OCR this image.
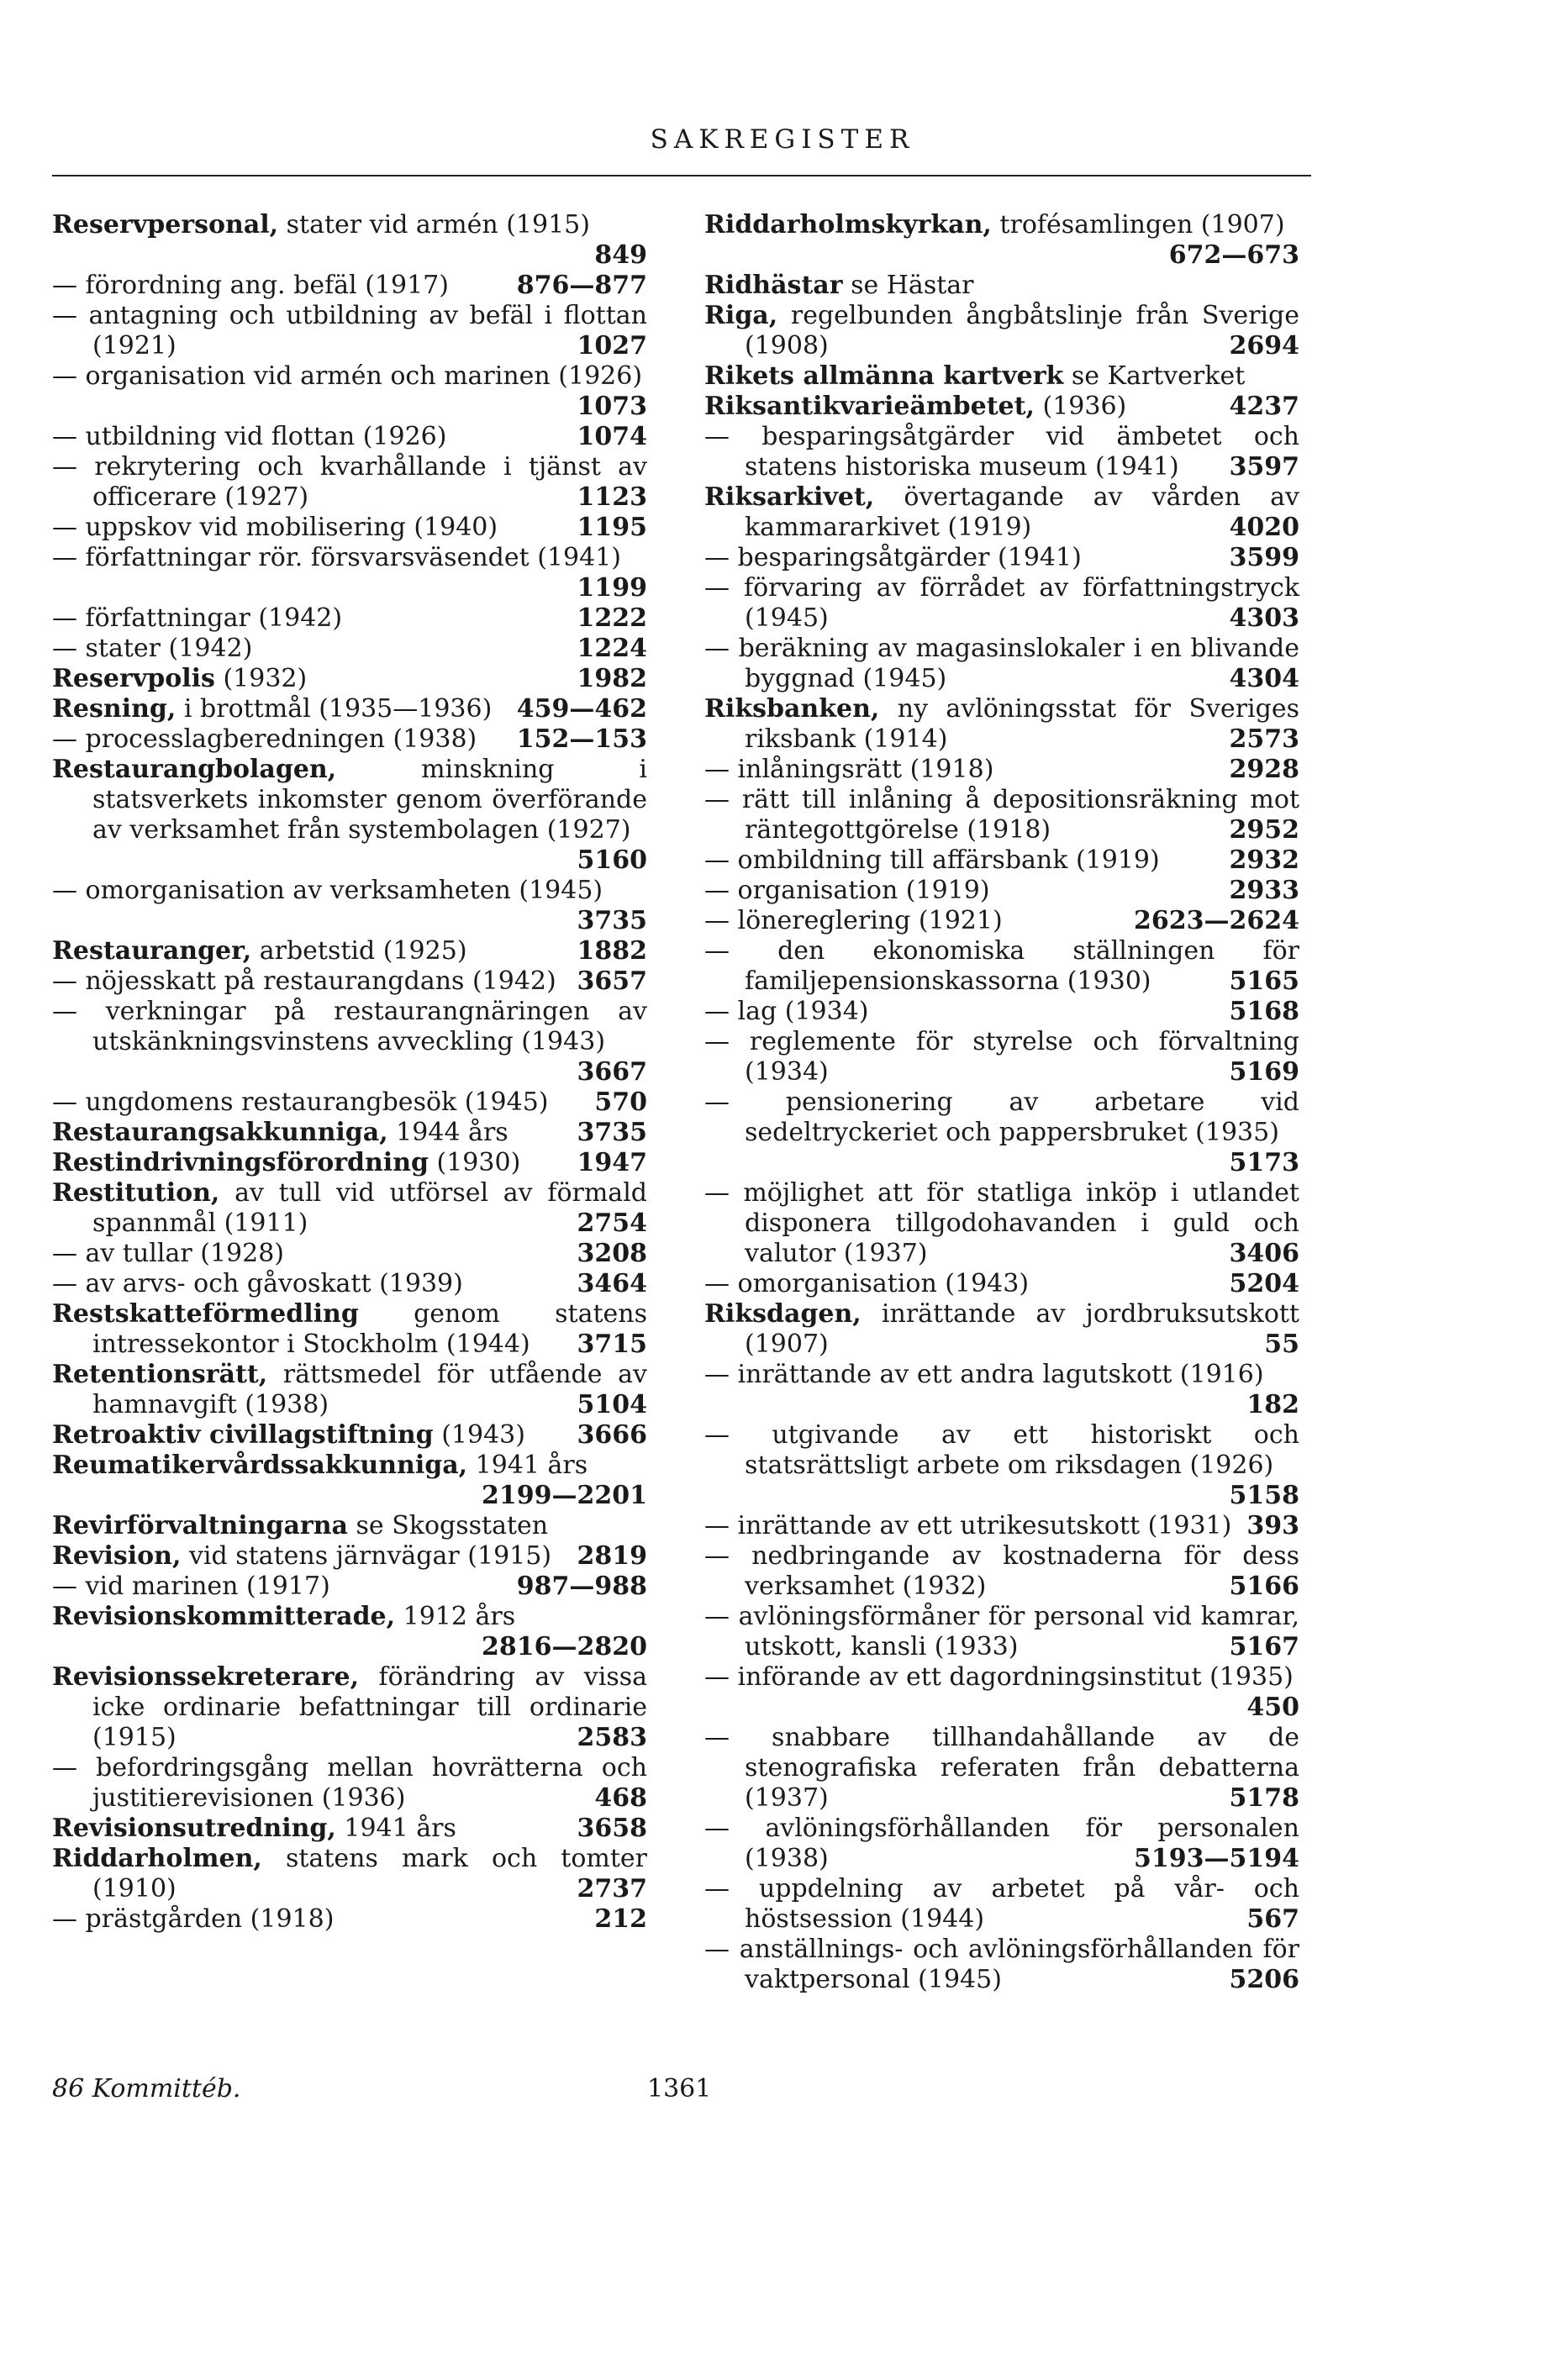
SAKREGISTER
Reservpersonal, stater vid armén (1915)
849
— förordning ang. befäl (1917)	876—877
— antagning och utbildning av befäl i flottan (1921)	1027
— organisation vid armén och marinen (1926)
1073
— utbildning vid flottan (1926)	1074
— rekrytering och kvarhållande i tjänst av officerare (1927)	1123
— uppskov vid mobilisering (1940)	1195
— författningar rör. försvarsväsendet (1941)
1199
— författningar (1942)	1222
— stater (1942)	1224
Reservpolis (1932)	1982
Resning, i brottmål (1935—1936) 459—462
— processlagberedningen (1938) 152—153
Restaurangbolagen, minskning i statsverkets inkomster genom överförande av verksamhet från systembolagen (1927)
5160
— omorganisation av verksamheten (1945)
3735
Restauranger, arbetstid (1925)	1882
— nöjesskatt på restaurangdans (1942) 3657
— verkningar på restaurangnäringen av utskänkningsvinstens avveckling (1943)
3667
— ungdomens restaurangbesök (1945) 570
Restaurangsakkunniga, 1944 års	3735
Restindrivningsförordning (1930) 1947
Restitution, av tull vid utförsel av förmald spannmål (1911)	2754
— av tullar (1928)	3208
— av arvs- och gåvoskatt (1939)	3464
Restskatteförmedling genom statens intressekontor i Stockholm (1944) 3715
Retentionsrätt, rättsmedel för utfående av hamnavgift (1938)	5104
Retroaktiv civillagstiftning (1943) 3666
Reumatikervårdssakkunniga, 1941 års
2199—2201
Revirförvaltningarna se Skogsstaten
Revision, vid statens järnvägar (1915) 2819
— vid marinen (1917)	987—988
Revisionskommitterade, 1912 års
2816—2820
Revisionssekreterare, förändring av vissa icke ordinarie befattningar till ordinarie (1915)	2583
— befordringsgång mellan hovrätterna och justitierevisionen (1936)	468
Revisionsutredning, 1941 års	3658
Riddarholmen, statens mark och tomter (1910)	2737
— prästgården (1918)	212
Riddarholmskyrkan, trofésamlingen (1907)
672—673
Ridhästar se Hästar
Riga, regelbunden ångbåtslinje från Sverige (1908)	2694
Rikets allmänna kartverk se Kartverket
Riksantikvarieämbetet, (1936)	4237
— besparingsåtgärder vid ämbetet och statens historiska museum (1941) 3597
Riksarkivet, övertagande av vården av kammararkivet (1919)	4020
— besparingsåtgärder (1941)	3599
— förvaring av förrådet av författningstryck (1945)	4303
— beräkning av magasinslokaler i en blivande byggnad (1945)	4304
Riksbanken, ny avlöningsstat för Sveriges riksbank (1914)	2573
— inlåningsrätt (1918)	2928
— rätt till inlåning å depositionsräkning mot räntegottgörelse (1918)	2952
— ombildning till affärsbank (1919)	2932
— organisation (1919)	2933
— lönereglering (1921)	2623—2624
— den ekonomiska ställningen för familjepensionskassorna (1930)	5165
— lag (1934)	5168
— reglemente för styrelse och förvaltning (1934)	5169
— pensionering av arbetare vid sedeltryckeriet och pappersbruket (1935)
5173
— möjlighet att för statliga inköp i utlandet disponera tillgodohavanden i guld och valutor (1937)	3406
— omorganisation (1943)	5204
Riksdagen, inrättande av jordbruksutskott (1907)	55
— inrättande av ett andra lagutskott (1916)
182
— utgivande av ett historiskt och statsrättsligt arbete om riksdagen (1926)
5158
— inrättande av ett utrikesutskott (1931) 393
— nedbringande av kostnaderna för dess verksamhet (1932)	5166
— avlöningsförmåner för personal vid kamrar, utskott, kansli (1933)	5167
— införande av ett dagordningsinstitut (1935)
450
— snabbare tillhandahållande av de stenografiska referaten från debatterna (1937)	5178
— avlöningsförhållanden för personalen (1938)	5193—5194
— uppdelning av arbetet på vår- och höstsession (1944)	567
— anställnings- och avlöningsförhållanden för vaktpersonal (1945)	5206
86 Kommittéb.	1361
